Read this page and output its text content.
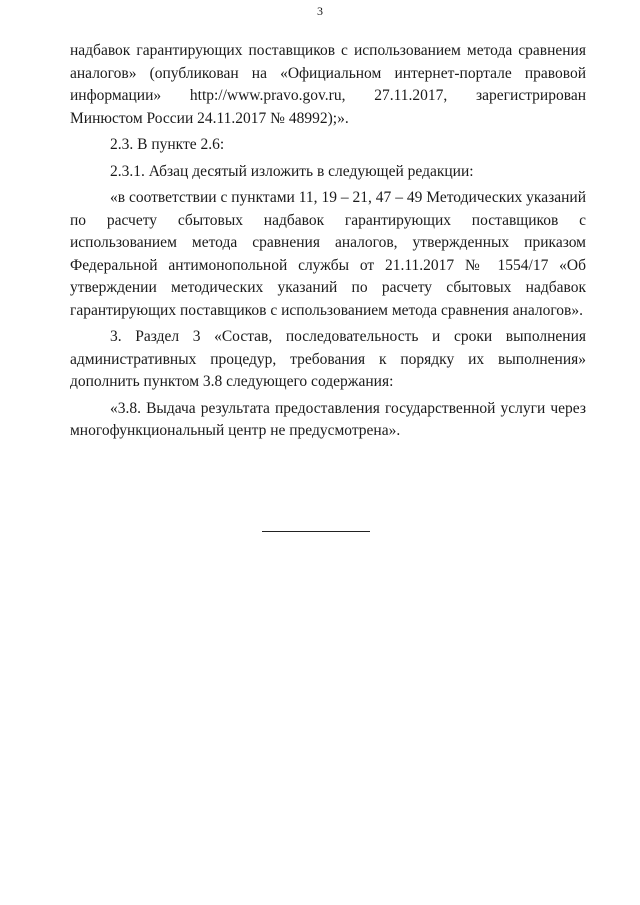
3

надбавок гарантирующих поставщиков с использованием метода сравнения аналогов» (опубликован на «Официальном интернет-портале правовой информации» http://www.pravo.gov.ru, 27.11.2017, зарегистрирован Минюстом России 24.11.2017 № 48992);».

2.3. В пункте 2.6:

2.3.1. Абзац десятый изложить в следующей редакции:

«в соответствии с пунктами 11, 19 – 21, 47 – 49 Методических указаний по расчету сбытовых надбавок гарантирующих поставщиков с использованием метода сравнения аналогов, утвержденных приказом Федеральной антимонопольной службы от 21.11.2017 № 1554/17 «Об утверждении методических указаний по расчету сбытовых надбавок гарантирующих поставщиков с использованием метода сравнения аналогов».

3. Раздел 3 «Состав, последовательность и сроки выполнения административных процедур, требования к порядку их выполнения» дополнить пунктом 3.8 следующего содержания:

«3.8. Выдача результата предоставления государственной услуги через многофункциональный центр не предусмотрена».
